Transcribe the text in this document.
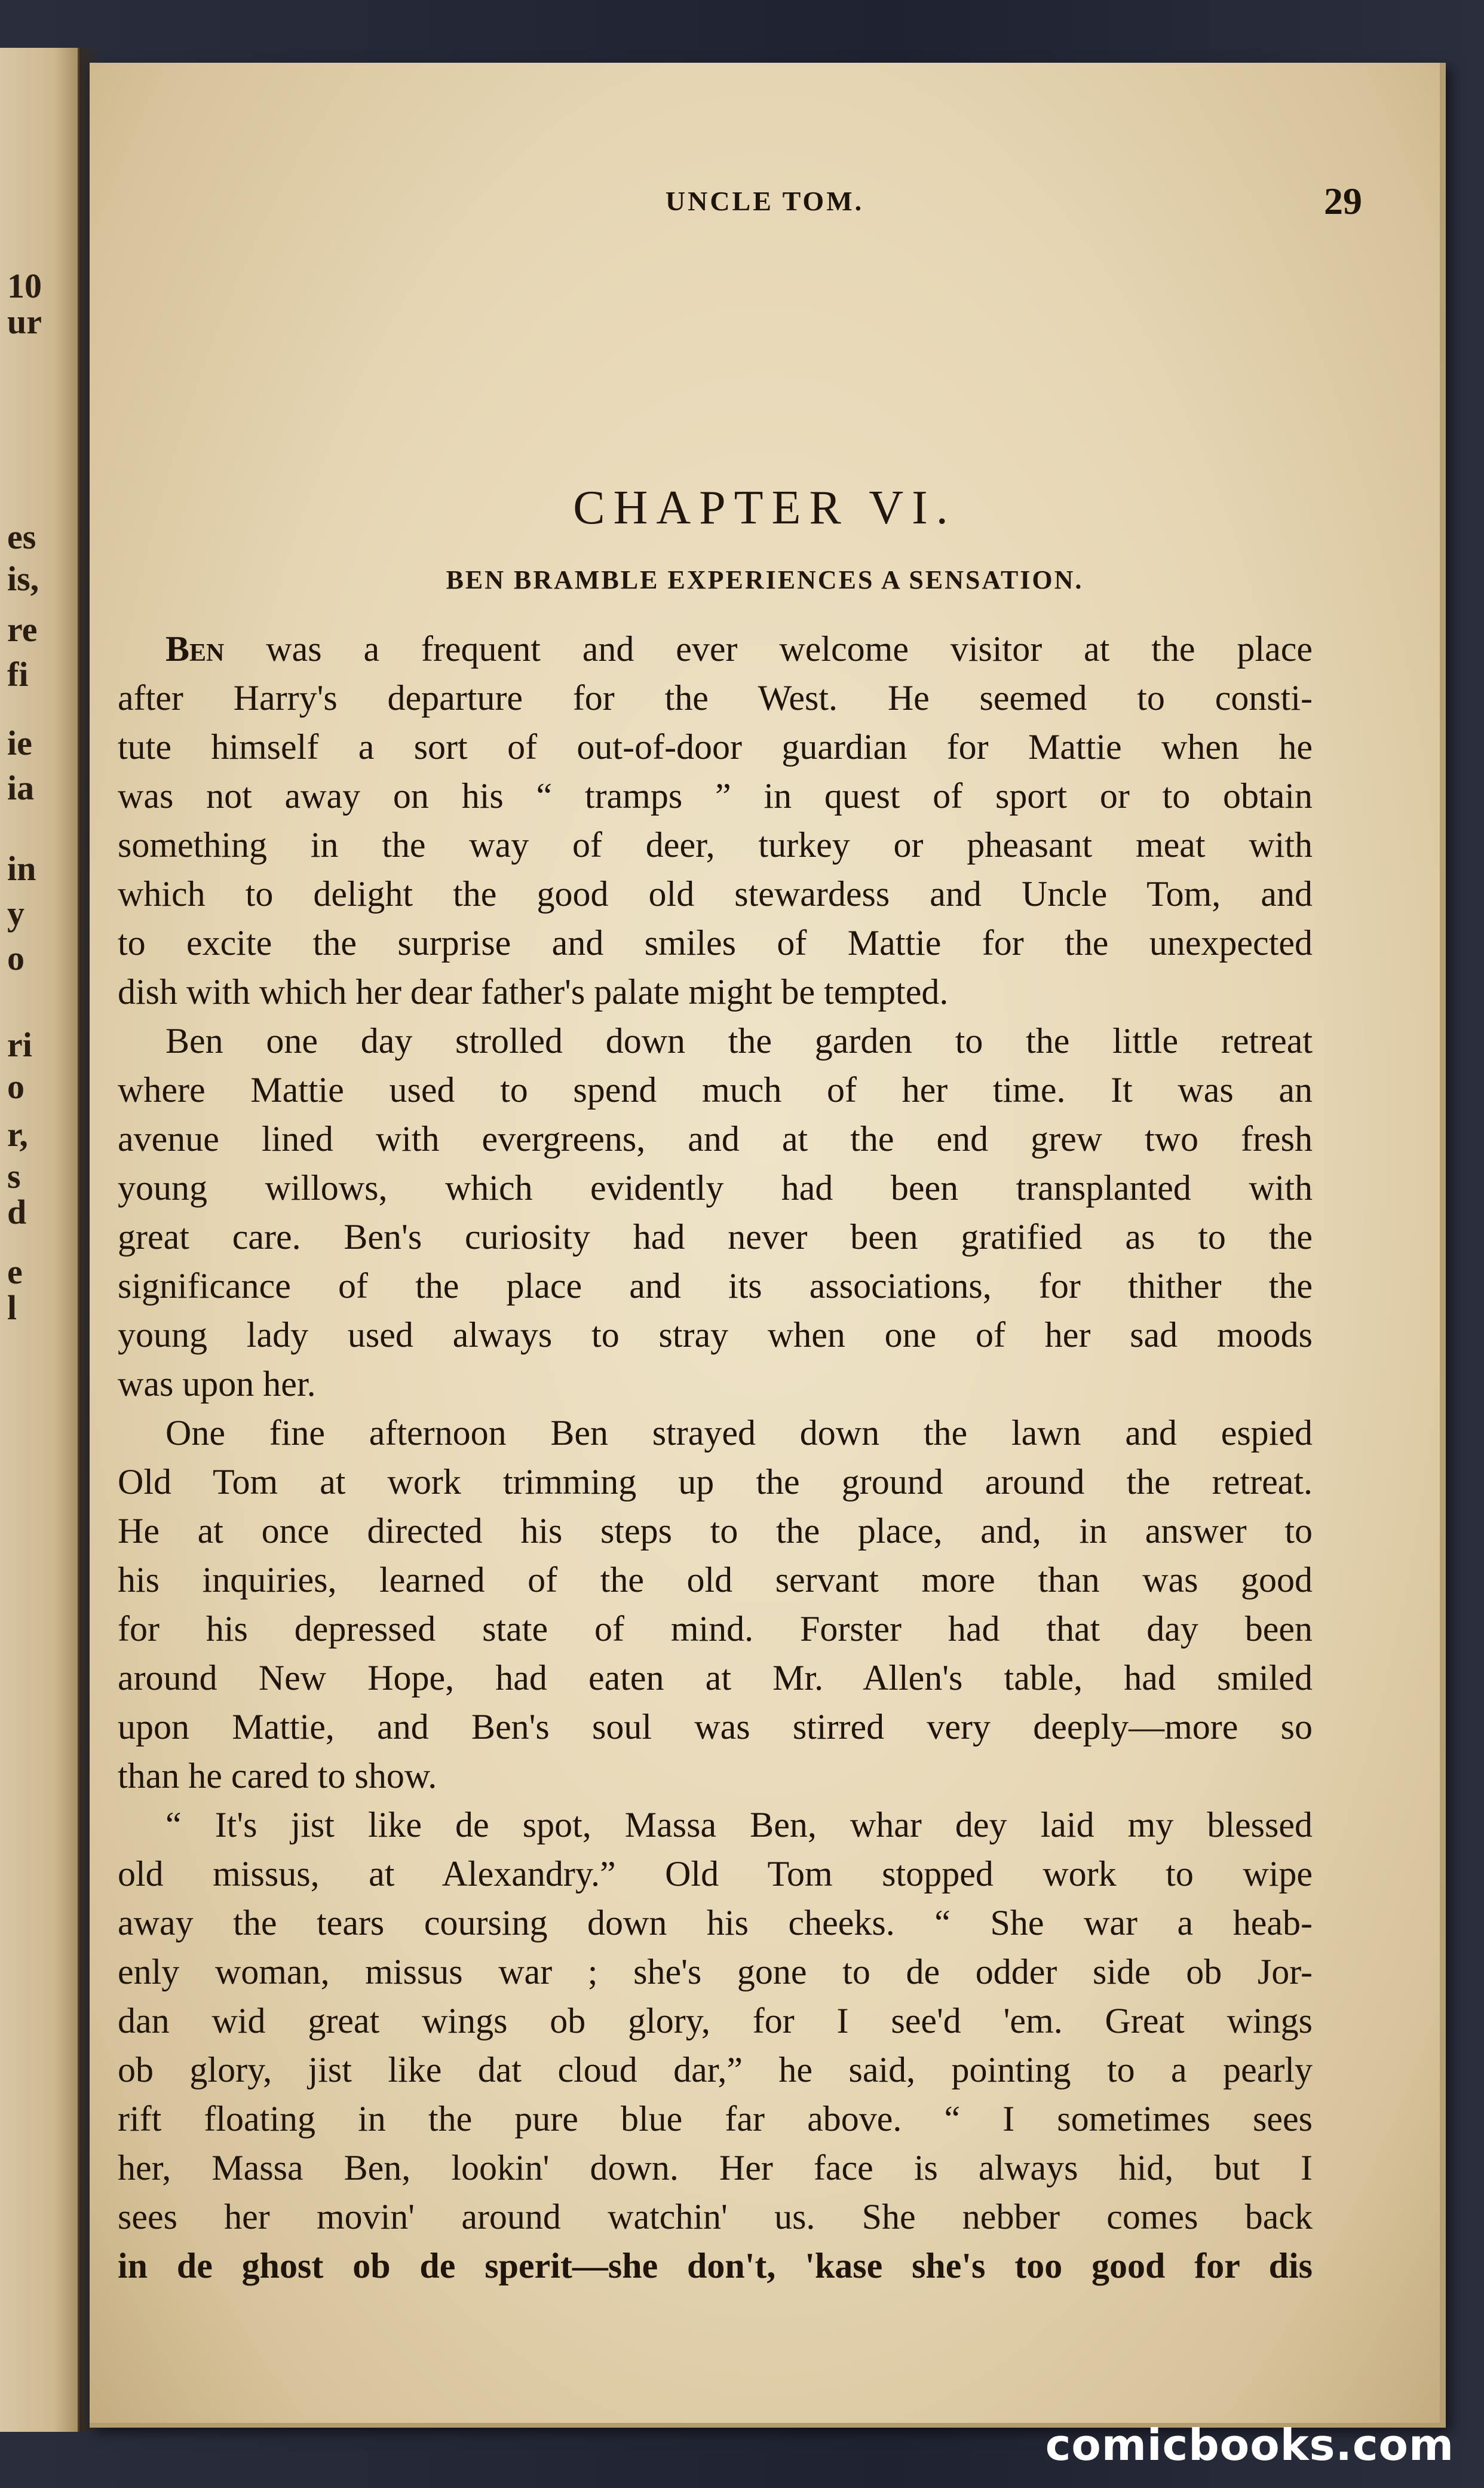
10
ur
es
is,
re
fi
ie
ia
in
y
o
ri
o
r,
s
d
e
l
UNCLE TOM.	29
CHAPTER VI.
BEN BRAMBLE EXPERIENCES A SENSATION.
Ben was a frequent and ever welcome visitor at the place
after Harry's departure for the West. He seemed to consti-
tute himself a sort of out-of-door guardian for Mattie when he
was not away on his “ tramps ” in quest of sport or to obtain
something in the way of deer, turkey or pheasant meat with
which to delight the good old stewardess and Uncle Tom, and
to excite the surprise and smiles of Mattie for the unexpected
dish with which her dear father's palate might be tempted.
Ben one day strolled down the garden to the little retreat
where Mattie used to spend much of her time. It was an
avenue lined with evergreens, and at the end grew two fresh
young willows, which evidently had been transplanted with
great care. Ben's curiosity had never been gratified as to the
significance of the place and its associations, for thither the
young lady used always to stray when one of her sad moods
was upon her.
One fine afternoon Ben strayed down the lawn and espied
Old Tom at work trimming up the ground around the retreat.
He at once directed his steps to the place, and, in answer to
his inquiries, learned of the old servant more than was good
for his depressed state of mind. Forster had that day been
around New Hope, had eaten at Mr. Allen's table, had smiled
upon Mattie, and Ben's soul was stirred very deeply—more so
than he cared to show.
“ It's jist like de spot, Massa Ben, whar dey laid my blessed
old missus, at Alexandry.” Old Tom stopped work to wipe
away the tears coursing down his cheeks. “ She war a heab-
enly woman, missus war ; she's gone to de odder side ob Jor-
dan wid great wings ob glory, for I see'd 'em. Great wings
ob glory, jist like dat cloud dar,” he said, pointing to a pearly
rift floating in the pure blue far above. “ I sometimes sees
her, Massa Ben, lookin' down. Her face is always hid, but I
sees her movin' around watchin' us. She nebber comes back
in de ghost ob de sperit—she don't, 'kase she's too good for dis
comicbooks.com
